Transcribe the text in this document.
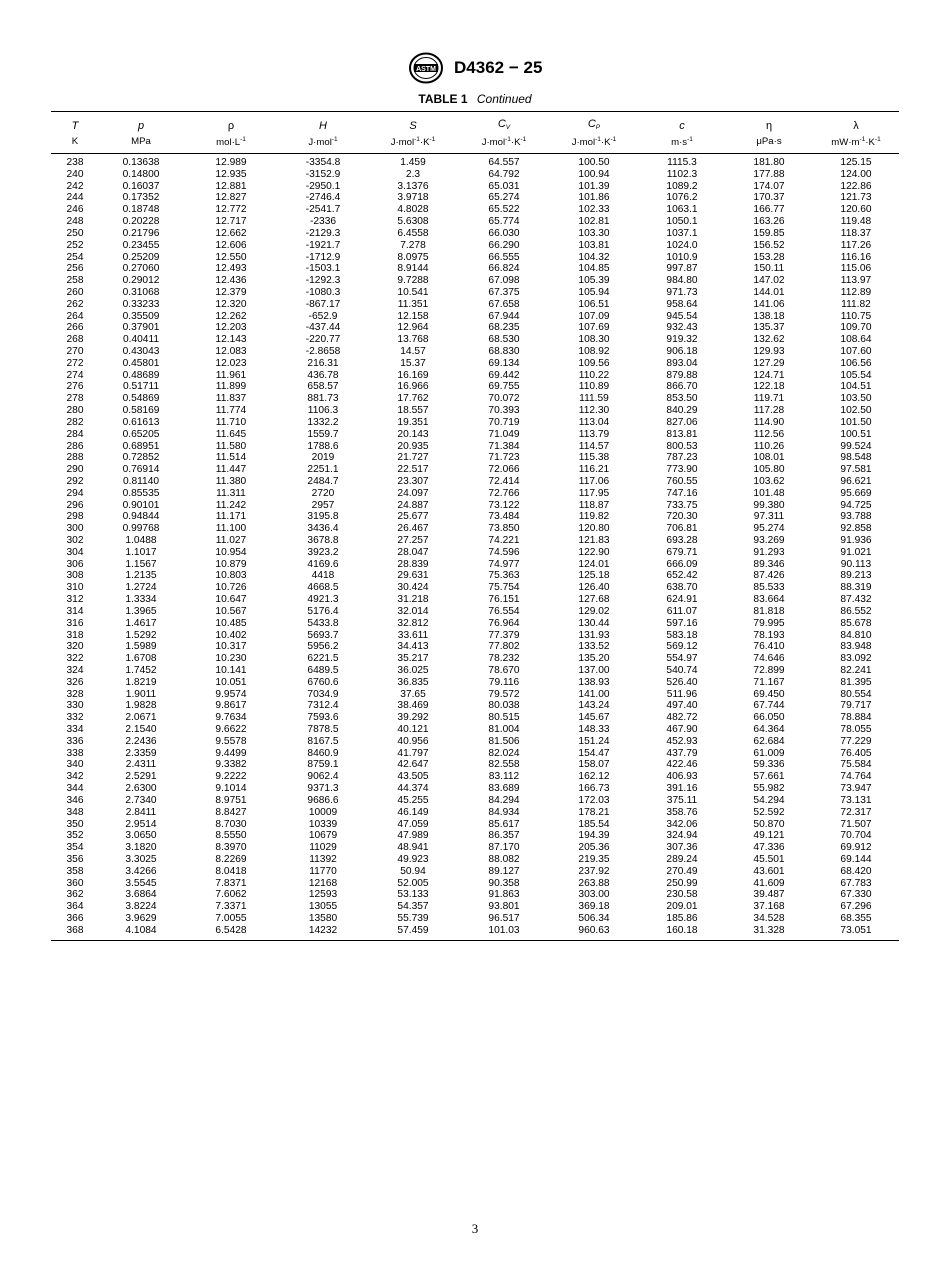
ASTM D4362 − 25
TABLE 1 Continued
T	p	ρ	H	S	$C_V$	$C_P$	c	η	λ
K	MPa	$mol\cdot L^{-1}$	J·mol$^{-1}$	$J\cdot mol^{-1}\cdot K^{-1}$	$J\cdot mol^{-1}\cdot K^{-1}$	$J\cdot mol^{-1}\cdot K^{-1}$	$m\cdot s^{-1}$	μPa·s	$mW\cdot m^{-1}\cdot K^{-1}$
238	0.13638	12.989	-3354.8	1.459	64.557	100.50	1115.3	181.80	125.15
240	0.14800	12.935	-3152.9	2.3	64.792	100.94	1102.3	177.88	124.00
242	0.16037	12.881	-2950.1	3.1376	65.031	101.39	1089.2	174.07	122.86
244	0.17352	12.827	-2746.4	3.9718	65.274	101.86	1076.2	170.37	121.73
246	0.18748	12.772	-2541.7	4.8028	65.522	102.33	1063.1	166.77	120.60
248	0.20228	12.717	-2336	5.6308	65.774	102.81	1050.1	163.26	119.48
250	0.21796	12.662	-2129.3	6.4558	66.030	103.30	1037.1	159.85	118.37
252	0.23455	12.606	-1921.7	7.278	66.290	103.81	1024.0	156.52	117.26
254	0.25209	12.550	-1712.9	8.0975	66.555	104.32	1010.9	153.28	116.16
256	0.27060	12.493	-1503.1	8.9144	66.824	104.85	997.87	150.11	115.06
258	0.29012	12.436	-1292.3	9.7288	67.098	105.39	984.80	147.02	113.97
260	0.31068	12.379	-1080.3	10.541	67.375	105.94	971.73	144.01	112.89
262	0.33233	12.320	-867.17	11.351	67.658	106.51	958.64	141.06	111.82
264	0.35509	12.262	-652.9	12.158	67.944	107.09	945.54	138.18	110.75
266	0.37901	12.203	-437.44	12.964	68.235	107.69	932.43	135.37	109.70
268	0.40411	12.143	-220.77	13.768	68.530	108.30	919.32	132.62	108.64
270	0.43043	12.083	-2.8658	14.57	68.830	108.92	906.18	129.93	107.60
272	0.45801	12.023	216.31	15.37	69.134	109.56	893.04	127.29	106.56
274	0.48689	11.961	436.78	16.169	69.442	110.22	879.88	124.71	105.54
276	0.51711	11.899	658.57	16.966	69.755	110.89	866.70	122.18	104.51
278	0.54869	11.837	881.73	17.762	70.072	111.59	853.50	119.71	103.50
280	0.58169	11.774	1106.3	18.557	70.393	112.30	840.29	117.28	102.50
282	0.61613	11.710	1332.2	19.351	70.719	113.04	827.06	114.90	101.50
284	0.65205	11.645	1559.7	20.143	71.049	113.79	813.81	112.56	100.51
286	0.68951	11.580	1788.6	20.935	71.384	114.57	800.53	110.26	99.524
288	0.72852	11.514	2019	21.727	71.723	115.38	787.23	108.01	98.548
290	0.76914	11.447	2251.1	22.517	72.066	116.21	773.90	105.80	97.581
292	0.81140	11.380	2484.7	23.307	72.414	117.06	760.55	103.62	96.621
294	0.85535	11.311	2720	24.097	72.766	117.95	747.16	101.48	95.669
296	0.90101	11.242	2957	24.887	73.122	118.87	733.75	99.380	94.725
298	0.94844	11.171	3195.8	25.677	73.484	119.82	720.30	97.311	93.788
300	0.99768	11.100	3436.4	26.467	73.850	120.80	706.81	95.274	92.858
302	1.0488	11.027	3678.8	27.257	74.221	121.83	693.28	93.269	91.936
304	1.1017	10.954	3923.2	28.047	74.596	122.90	679.71	91.293	91.021
306	1.1567	10.879	4169.6	28.839	74.977	124.01	666.09	89.346	90.113
308	1.2135	10.803	4418	29.631	75.363	125.18	652.42	87.426	89.213
310	1.2724	10.726	4668.5	30.424	75.754	126.40	638.70	85.533	88.319
312	1.3334	10.647	4921.3	31.218	76.151	127.68	624.91	83.664	87.432
314	1.3965	10.567	5176.4	32.014	76.554	129.02	611.07	81.818	86.552
316	1.4617	10.485	5433.8	32.812	76.964	130.44	597.16	79.995	85.678
318	1.5292	10.402	5693.7	33.611	77.379	131.93	583.18	78.193	84.810
320	1.5989	10.317	5956.2	34.413	77.802	133.52	569.12	76.410	83.948
322	1.6708	10.230	6221.5	35.217	78.232	135.20	554.97	74.646	83.092
324	1.7452	10.141	6489.5	36.025	78.670	137.00	540.74	72.899	82.241
326	1.8219	10.051	6760.6	36.835	79.116	138.93	526.40	71.167	81.395
328	1.9011	9.9574	7034.9	37.65	79.572	141.00	511.96	69.450	80.554
330	1.9828	9.8617	7312.4	38.469	80.038	143.24	497.40	67.744	79.717
332	2.0671	9.7634	7593.6	39.292	80.515	145.67	482.72	66.050	78.884
334	2.1540	9.6622	7878.5	40.121	81.004	148.33	467.90	64.364	78.055
336	2.2436	9.5578	8167.5	40.956	81.506	151.24	452.93	62.684	77.229
338	2.3359	9.4499	8460.9	41.797	82.024	154.47	437.79	61.009	76.405
340	2.4311	9.3382	8759.1	42.647	82.558	158.07	422.46	59.336	75.584
342	2.5291	9.2222	9062.4	43.505	83.112	162.12	406.93	57.661	74.764
344	2.6300	9.1014	9371.3	44.374	83.689	166.73	391.16	55.982	73.947
346	2.7340	8.9751	9686.6	45.255	84.294	172.03	375.11	54.294	73.131
348	2.8411	8.8427	10009	46.149	84.934	178.21	358.76	52.592	72.317
350	2.9514	8.7030	10339	47.059	85.617	185.54	342.06	50.870	71.507
352	3.0650	8.5550	10679	47.989	86.357	194.39	324.94	49.121	70.704
354	3.1820	8.3970	11029	48.941	87.170	205.36	307.36	47.336	69.912
356	3.3025	8.2269	11392	49.923	88.082	219.35	289.24	45.501	69.144
358	3.4266	8.0418	11770	50.94	89.127	237.92	270.49	43.601	68.420
360	3.5545	7.8371	12168	52.005	90.358	263.88	250.99	41.609	67.783
362	3.6864	7.6062	12593	53.133	91.863	303.00	230.58	39.487	67.330
364	3.8224	7.3371	13055	54.357	93.801	369.18	209.01	37.168	67.296
366	3.9629	7.0055	13580	55.739	96.517	506.34	185.86	34.528	68.355
368	4.1084	6.5428	14232	57.459	101.03	960.63	160.18	31.328	73.051
3
